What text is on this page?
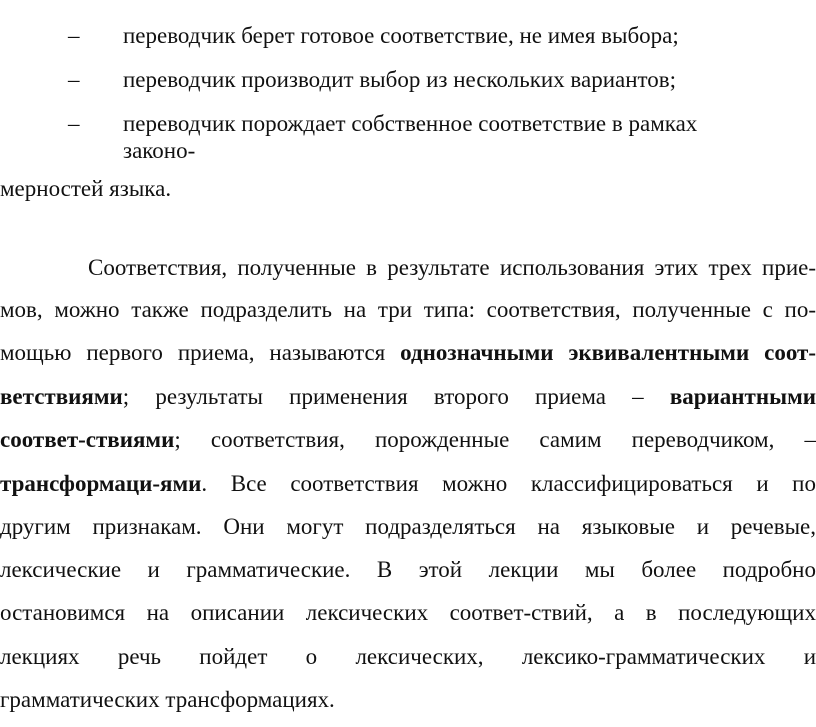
– переводчик берет готовое соответствие, не имея выбора;
– переводчик производит выбор из нескольких вариантов;
– переводчик порождает собственное соответствие в рамках
законо-
мерностей языка.
Соответствия, полученные в результате использования этих трех прие-
мов, можно также подразделить на три типа: соответствия, полученные с по-
мощью первого приема, называются однозначными эквивалентными соот-
ветствиями; результаты применения второго приема – вариантными
соответ-ствиями; соответствия, порожденные самим переводчиком, –
трансформаци-ями. Все соответствия можно классифицироваться и по
другим признакам. Они могут подразделяться на языковые и речевые,
лексические и грамматические. В этой лекции мы более подробно
остановимся на описании лексических соответ-ствий, а в последующих
лекциях речь пойдет о лексических, лексико-грамматических и
грамматических трансформациях.
